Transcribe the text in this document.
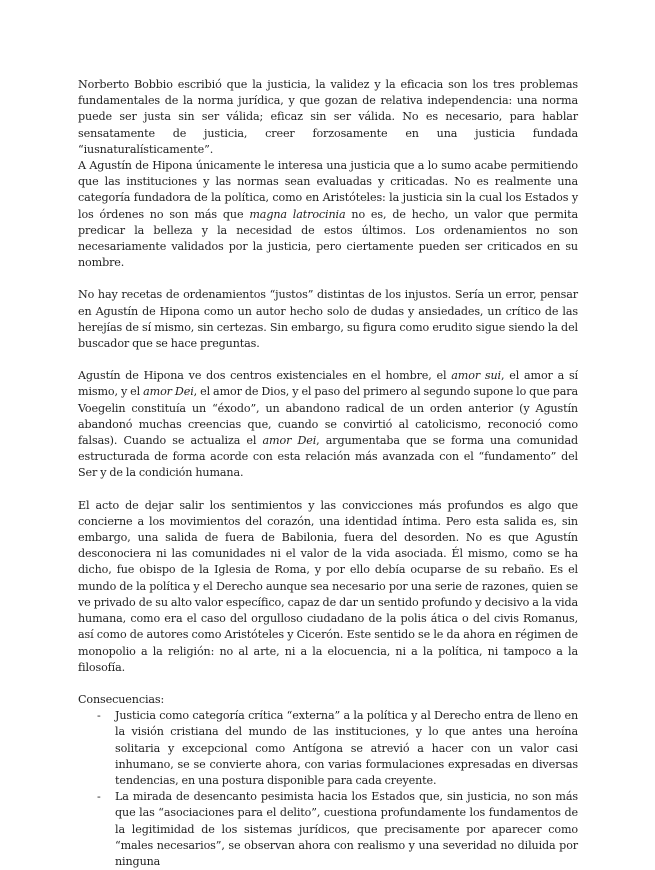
Norberto Bobbio escribió que la justicia, la validez y la eficacia son los tres problemas fundamentales de la norma jurídica, y que gozan de relativa independencia: una norma puede ser justa sin ser válida; eficaz sin ser válida. No es necesario, para hablar sensatamente de justicia, creer forzosamente en una justicia fundada “iusnaturalísticamente”.

A Agustín de Hipona únicamente le interesa una justicia que a lo sumo acabe permitiendo que las instituciones y las normas sean evaluadas y criticadas. No es realmente una categoría fundadora de la política, como en Aristóteles: la justicia sin la cual los Estados y los órdenes no son más que magna latrocinia no es, de hecho, un valor que permita predicar la belleza y la necesidad de estos últimos. Los ordenamientos no son necesariamente validados por la justicia, pero ciertamente pueden ser criticados en su nombre.

No hay recetas de ordenamientos “justos” distintas de los injustos. Sería un error, pensar en Agustín de Hipona como un autor hecho solo de dudas y ansiedades, un crítico de las herejías de sí mismo, sin certezas. Sin embargo, su figura como erudito sigue siendo la del buscador que se hace preguntas.

Agustín de Hipona ve dos centros existenciales en el hombre, el amor sui, el amor a sí mismo, y el amor Dei, el amor de Dios, y el paso del primero al segundo supone lo que para Voegelin constituía un “éxodo”, un abandono radical de un orden anterior (y Agustín abandonó muchas creencias que, cuando se convirtió al catolicismo, reconoció como falsas). Cuando se actualiza el amor Dei, argumentaba que se forma una comunidad estructurada de forma acorde con esta relación más avanzada con el “fundamento” del Ser y de la condición humana.

El acto de dejar salir los sentimientos y las convicciones más profundos es algo que concierne a los movimientos del corazón, una identidad íntima. Pero esta salida es, sin embargo, una salida de fuera de Babilonia, fuera del desorden. No es que Agustín desconociera ni las comunidades ni el valor de la vida asociada. Él mismo, como se ha dicho, fue obispo de la Iglesia de Roma, y por ello debía ocuparse de su rebaño. Es el mundo de la política y el Derecho aunque sea necesario por una serie de razones, quien se ve privado de su alto valor específico, capaz de dar un sentido profundo y decisivo a la vida humana, como era el caso del orgulloso ciudadano de la polis ática o del civis Romanus, así como de autores como Aristóteles y Cicerón. Este sentido se le da ahora en régimen de monopolio a la religión: no al arte, ni a la elocuencia, ni a la política, ni tampoco a la filosofía.

Consecuencias:

- Justicia como categoría crítica “externa” a la política y al Derecho entra de lleno en la visión cristiana del mundo de las instituciones, y lo que antes una heroína solitaria y excepcional como Antígona se atrevió a hacer con un valor casi inhumano, se se convierte ahora, con varias formulaciones expresadas en diversas tendencias, en una postura disponible para cada creyente.
- La mirada de desencanto pesimista hacia los Estados que, sin justicia, no son más que las “asociaciones para el delito”, cuestiona profundamente los fundamentos de la legitimidad de los sistemas jurídicos, que precisamente por aparecer como “males necesarios”, se observan ahora con realismo y una severidad no diluida por ninguna
